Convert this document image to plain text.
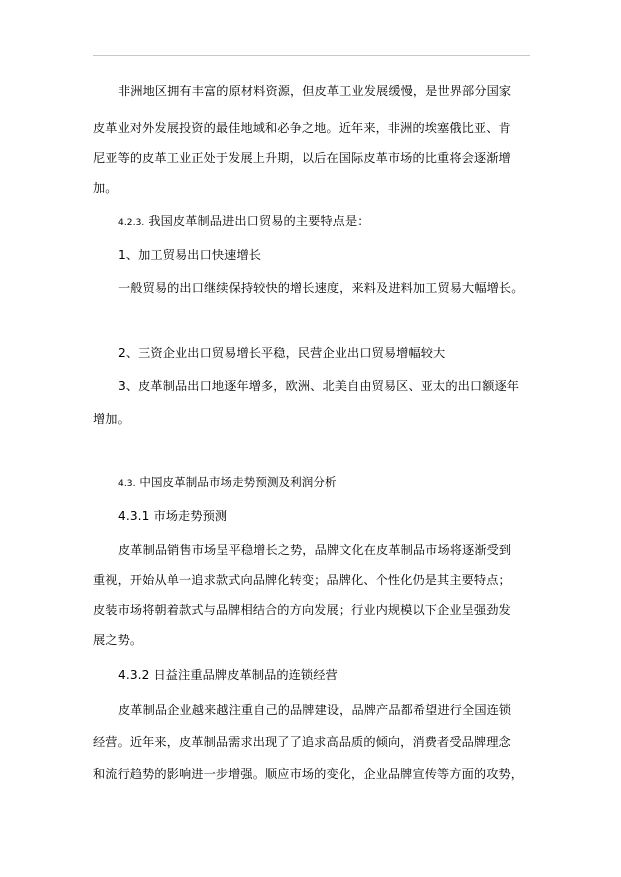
非洲地区拥有丰富的原材料资源，但皮革工业发展缓慢，是世界部分国家
皮革业对外发展投资的最佳地域和必争之地。近年来，非洲的埃塞俄比亚、肯
尼亚等的皮革工业正处于发展上升期，以后在国际皮革市场的比重将会逐渐增
加。
4.2.3. 我国皮革制品进出口贸易的主要特点是：
1、加工贸易出口快速增长
一般贸易的出口继续保持较快的增长速度，来料及进料加工贸易大幅增长。
2、三资企业出口贸易增长平稳，民营企业出口贸易增幅较大
3、皮革制品出口地逐年增多，欧洲、北美自由贸易区、亚太的出口额逐年
增加。
4.3. 中国皮革制品市场走势预测及利润分析
4.3.1 市场走势预测
皮革制品销售市场呈平稳增长之势，品牌文化在皮革制品市场将逐渐受到
重视，开始从单一追求款式向品牌化转变；品牌化、个性化仍是其主要特点；
皮装市场将朝着款式与品牌相结合的方向发展；行业内规模以下企业呈强劲发
展之势。
4.3.2 日益注重品牌皮革制品的连锁经营
皮革制品企业越来越注重自己的品牌建设，品牌产品都希望进行全国连锁
经营。近年来，皮革制品需求出现了了追求高品质的倾向，消费者受品牌理念
和流行趋势的影响进一步增强。顺应市场的变化，企业品牌宣传等方面的攻势，
